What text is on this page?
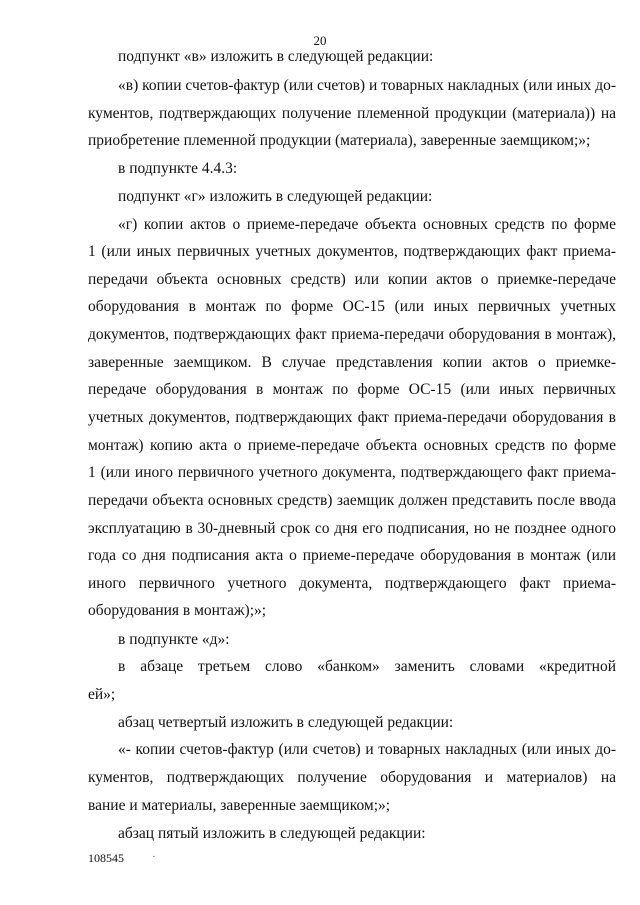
20
подпункт «в» изложить в следующей редакции:
«в) копии счетов-фактур (или счетов) и товарных накладных (или иных до-
кументов, подтверждающих получение племенной продукции (материала)) на
приобретение племенной продукции (материала), заверенные заемщиком;»;
в подпункте 4.4.3:
подпункт «г» изложить в следующей редакции:
«г) копии актов о приеме-передаче объекта основных средств по форме
1 (или иных первичных учетных документов, подтверждающих факт приема-
передачи объекта основных средств) или копии актов о приемке-передаче
оборудования в монтаж по форме ОС-15 (или иных первичных учетных
документов, подтверждающих факт приема-передачи оборудования в монтаж),
заверенные заемщиком. В случае представления копии актов о приемке-
передаче оборудования в монтаж по форме ОС-15 (или иных первичных
учетных документов, подтверждающих факт приема-передачи оборудования в
монтаж) копию акта о приеме-передаче объекта основных средств по форме
1 (или иного первичного учетного документа, подтверждающего факт приема-
передачи объекта основных средств) заемщик должен представить после ввода
эксплуатацию в 30-дневный срок со дня его подписания, но не позднее одного
года со дня подписания акта о приеме-передаче оборудования в монтаж (или
иного первичного учетного документа, подтверждающего факт приема-
оборудования в монтаж);»;
в подпункте «д»:
в абзаце третьем слово «банком» заменить словами «кредитной
ей»;
абзац четвертый изложить в следующей редакции:
«- копии счетов-фактур (или счетов) и товарных накладных (или иных до-
кументов, подтверждающих получение оборудования и материалов) на
вание и материалы, заверенные заемщиком;»;
абзац пятый изложить в следующей редакции:
108545	·
